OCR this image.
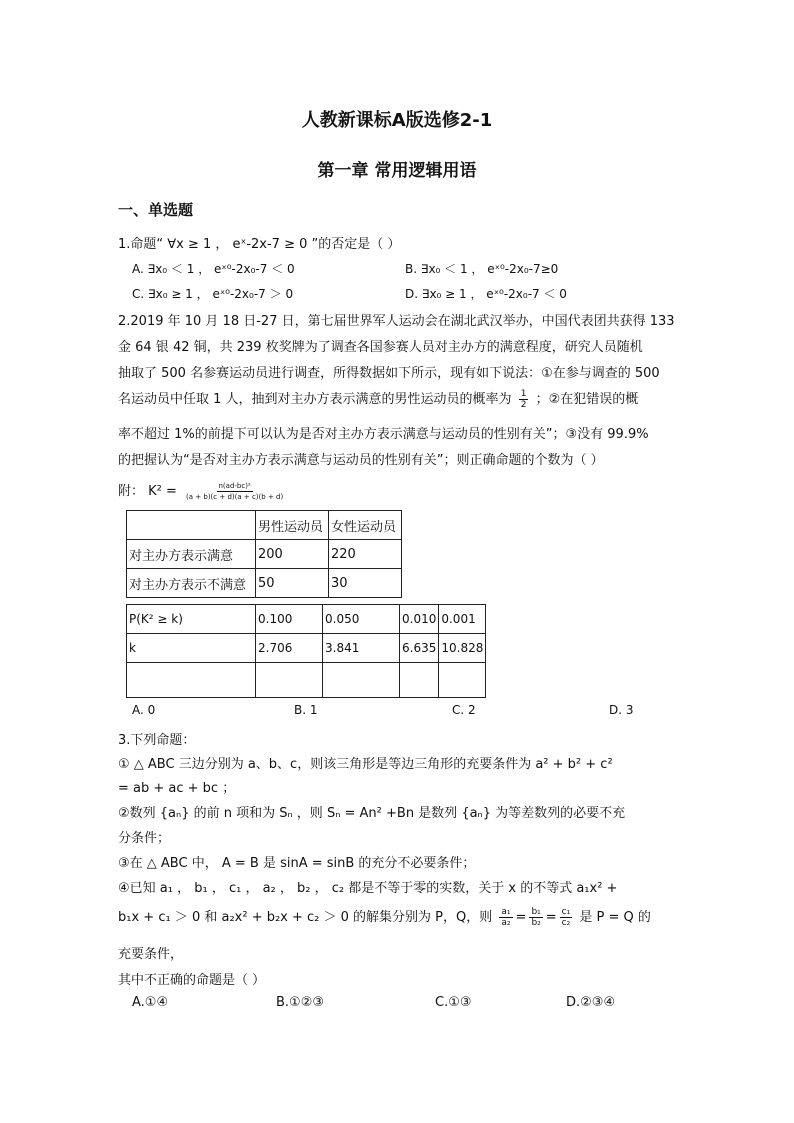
人教新课标A版选修2-1
第一章 常用逻辑用语
一、单选题
1.命题“ ∀x ≥ 1 ， eˣ-2x-7 ≥ 0 ”的否定是（ ）
A. ∃x₀ ＜ 1 ， eˣ⁰-2x₀-7 ＜ 0	B. ∃x₀ ＜ 1 ， eˣ⁰-2x₀-7≥0
C. ∃x₀ ≥ 1 ， eˣ⁰-2x₀-7 ＞ 0	D. ∃x₀ ≥ 1 ， eˣ⁰-2x₀-7 ＜ 0
2.2019 年 10 月 18 日-27 日，第七届世界军人运动会在湖北武汉举办，中国代表团共获得 133
金 64 银 42 铜，共 239 枚奖牌为了调查各国参赛人员对主办方的满意程度，研究人员随机
抽取了 500 名参赛运动员进行调查，所得数据如下所示，现有如下说法：①在参与调查的 500
名运动员中任取 1 人，抽到对主办方表示满意的男性运动员的概率为 $\frac{1}{2}$ ；②在犯错误的概
率不超过 1%的前提下可以认为是否对主办方表示满意与运动员的性别有关”；③没有 99.9%
的把握认为“是否对主办方表示满意与运动员的性别有关”；则正确命题的个数为（ ）
附： $K^2 = \frac{\text{n(ad-bc)²}}{(a + b)(c + d)(a + c)(b + d)}$
	男性运动员	女性运动员
对主办方表示满意	200	220
对主办方表示不满意	50	30
P(K² ≥ k)	0.100	0.050	0.010	0.001
k	2.706	3.841	6.635	10.828

A. 0	B. 1	C. 2	D. 3
3.下列命题：
① △ ABC 三边分别为 a、b、c，则该三角形是等边三角形的充要条件为 a² + b² + c²
= ab + ac + bc ；
②数列 {aₙ} 的前 n 项和为 Sₙ ，则 Sₙ = An² +Bn 是数列 {aₙ} 为等差数列的必要不充
分条件；
③在 △ ABC 中， A = B 是 sinA = sinB 的充分不必要条件；
④已知 a₁ ， b₁ ， c₁ ， a₂ ， b₂ ， c₂ 都是不等于零的实数，关于 x 的不等式 a₁x² +
b₁x + c₁ ＞ 0 和 a₂x² + b₂x + c₂ ＞ 0 的解集分别为 P，Q，则 $\frac{\text{a₁}}{\text{a₂}} = \frac{\text{b₁}}{\text{b₂}} = \frac{\text{c₁}}{\text{c₂}}$ 是 P = Q 的
充要条件，
其中不正确的命题是（ ）
A.①④	B.①②③	C.①③	D.②③④
